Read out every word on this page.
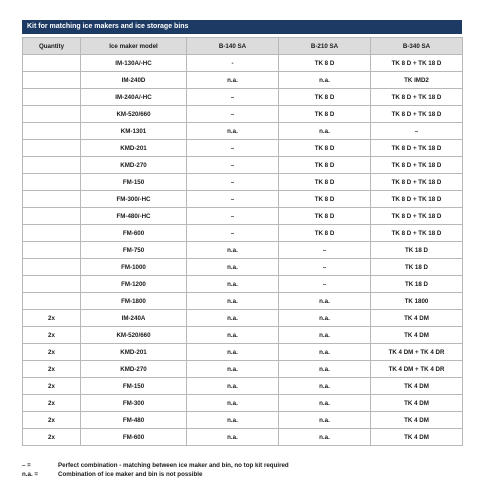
Kit for matching ice makers and ice storage bins
Quantity	Ice maker model	B-140 SA	B-210 SA	B-340 SA
	IM-130A/-HC	-	TK 8 D	TK 8 D + TK 18 D
	IM-240D	n.a.	n.a.	TK IMD2
	IM-240A/-HC	–	TK 8 D	TK 8 D + TK 18 D
	KM-520/660	–	TK 8 D	TK 8 D + TK 18 D
	KM-1301	n.a.	n.a.	–
	KMD-201	–	TK 8 D	TK 8 D + TK 18 D
	KMD-270	–	TK 8 D	TK 8 D + TK 18 D
	FM-150	–	TK 8 D	TK 8 D + TK 18 D
	FM-300/-HC	–	TK 8 D	TK 8 D + TK 18 D
	FM-480/-HC	–	TK 8 D	TK 8 D + TK 18 D
	FM-600	–	TK 8 D	TK 8 D + TK 18 D
	FM-750	n.a.	–	TK 18 D
	FM-1000	n.a.	–	TK 18 D
	FM-1200	n.a.	–	TK 18 D
	FM-1800	n.a.	n.a.	TK 1800
2x	IM-240A	n.a.	n.a.	TK 4 DM
2x	KM-520/660	n.a.	n.a.	TK 4 DM
2x	KMD-201	n.a.	n.a.	TK 4 DM + TK 4 DR
2x	KMD-270	n.a.	n.a.	TK 4 DM + TK 4 DR
2x	FM-150	n.a.	n.a.	TK 4 DM
2x	FM-300	n.a.	n.a.	TK 4 DM
2x	FM-480	n.a.	n.a.	TK 4 DM
2x	FM-600	n.a.	n.a.	TK 4 DM
– =	Perfect combination - matching between ice maker and bin, no top kit required
n.a. =	Combination of ice maker and bin is not possible
